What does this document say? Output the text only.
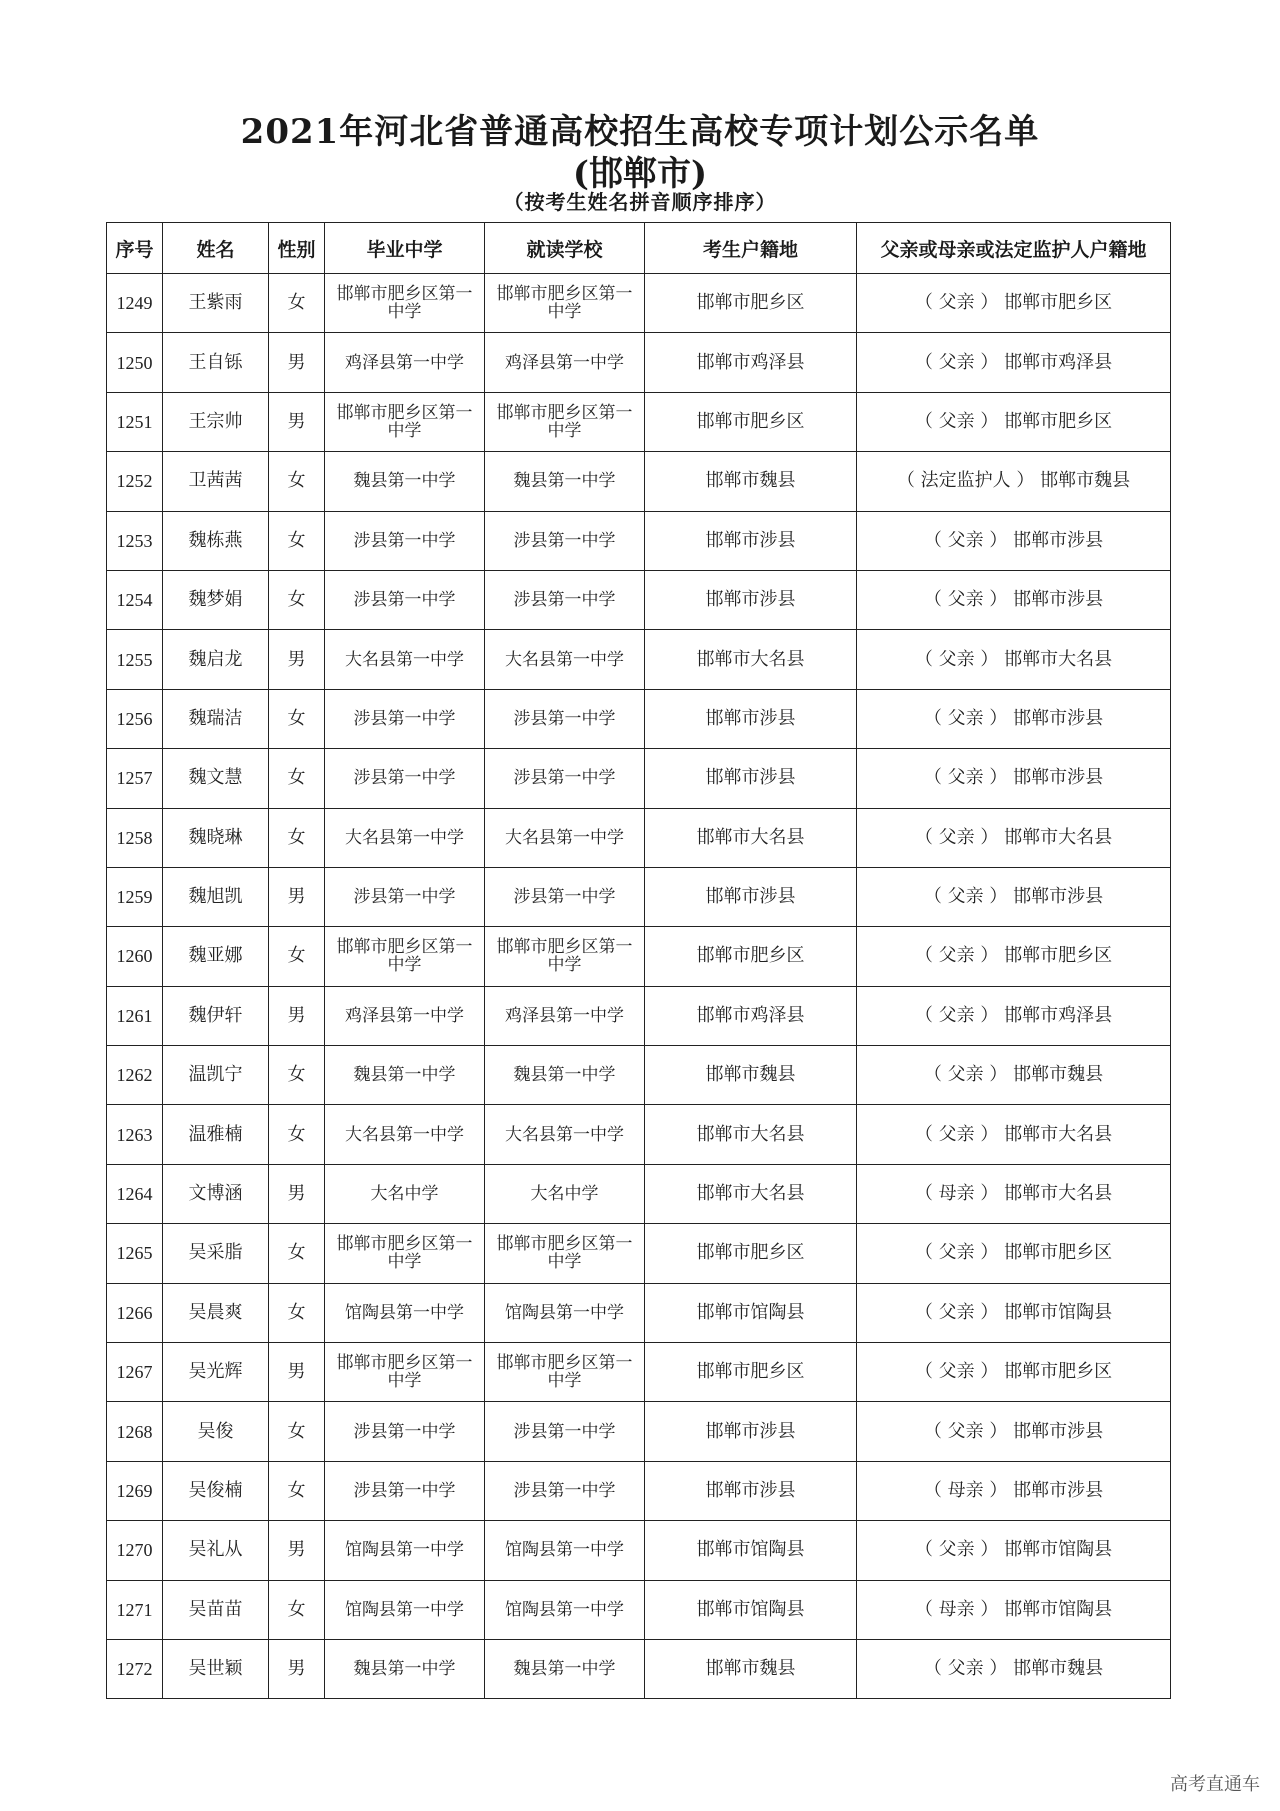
2021年河北省普通高校招生高校专项计划公示名单
(邯郸市)
（按考生姓名拼音顺序排序）
序号	姓名	性别	毕业中学	就读学校	考生户籍地	父亲或母亲或法定监护人户籍地
1249	王紫雨	女	邯郸市肥乡区第一中学	邯郸市肥乡区第一中学	邯郸市肥乡区	（ 父亲 ） 邯郸市肥乡区
1250	王自铄	男	鸡泽县第一中学	鸡泽县第一中学	邯郸市鸡泽县	（ 父亲 ） 邯郸市鸡泽县
1251	王宗帅	男	邯郸市肥乡区第一中学	邯郸市肥乡区第一中学	邯郸市肥乡区	（ 父亲 ） 邯郸市肥乡区
1252	卫茜茜	女	魏县第一中学	魏县第一中学	邯郸市魏县	（ 法定监护人 ） 邯郸市魏县
1253	魏栋燕	女	涉县第一中学	涉县第一中学	邯郸市涉县	（ 父亲 ） 邯郸市涉县
1254	魏梦娟	女	涉县第一中学	涉县第一中学	邯郸市涉县	（ 父亲 ） 邯郸市涉县
1255	魏启龙	男	大名县第一中学	大名县第一中学	邯郸市大名县	（ 父亲 ） 邯郸市大名县
1256	魏瑞洁	女	涉县第一中学	涉县第一中学	邯郸市涉县	（ 父亲 ） 邯郸市涉县
1257	魏文慧	女	涉县第一中学	涉县第一中学	邯郸市涉县	（ 父亲 ） 邯郸市涉县
1258	魏晓琳	女	大名县第一中学	大名县第一中学	邯郸市大名县	（ 父亲 ） 邯郸市大名县
1259	魏旭凯	男	涉县第一中学	涉县第一中学	邯郸市涉县	（ 父亲 ） 邯郸市涉县
1260	魏亚娜	女	邯郸市肥乡区第一中学	邯郸市肥乡区第一中学	邯郸市肥乡区	（ 父亲 ） 邯郸市肥乡区
1261	魏伊轩	男	鸡泽县第一中学	鸡泽县第一中学	邯郸市鸡泽县	（ 父亲 ） 邯郸市鸡泽县
1262	温凯宁	女	魏县第一中学	魏县第一中学	邯郸市魏县	（ 父亲 ） 邯郸市魏县
1263	温雅楠	女	大名县第一中学	大名县第一中学	邯郸市大名县	（ 父亲 ） 邯郸市大名县
1264	文博涵	男	大名中学	大名中学	邯郸市大名县	（ 母亲 ） 邯郸市大名县
1265	吴采脂	女	邯郸市肥乡区第一中学	邯郸市肥乡区第一中学	邯郸市肥乡区	（ 父亲 ） 邯郸市肥乡区
1266	吴晨爽	女	馆陶县第一中学	馆陶县第一中学	邯郸市馆陶县	（ 父亲 ） 邯郸市馆陶县
1267	吴光辉	男	邯郸市肥乡区第一中学	邯郸市肥乡区第一中学	邯郸市肥乡区	（ 父亲 ） 邯郸市肥乡区
1268	吴俊	女	涉县第一中学	涉县第一中学	邯郸市涉县	（ 父亲 ） 邯郸市涉县
1269	吴俊楠	女	涉县第一中学	涉县第一中学	邯郸市涉县	（ 母亲 ） 邯郸市涉县
1270	吴礼从	男	馆陶县第一中学	馆陶县第一中学	邯郸市馆陶县	（ 父亲 ） 邯郸市馆陶县
1271	吴苗苗	女	馆陶县第一中学	馆陶县第一中学	邯郸市馆陶县	（ 母亲 ） 邯郸市馆陶县
1272	吴世颖	男	魏县第一中学	魏县第一中学	邯郸市魏县	（ 父亲 ） 邯郸市魏县
高考直通车
